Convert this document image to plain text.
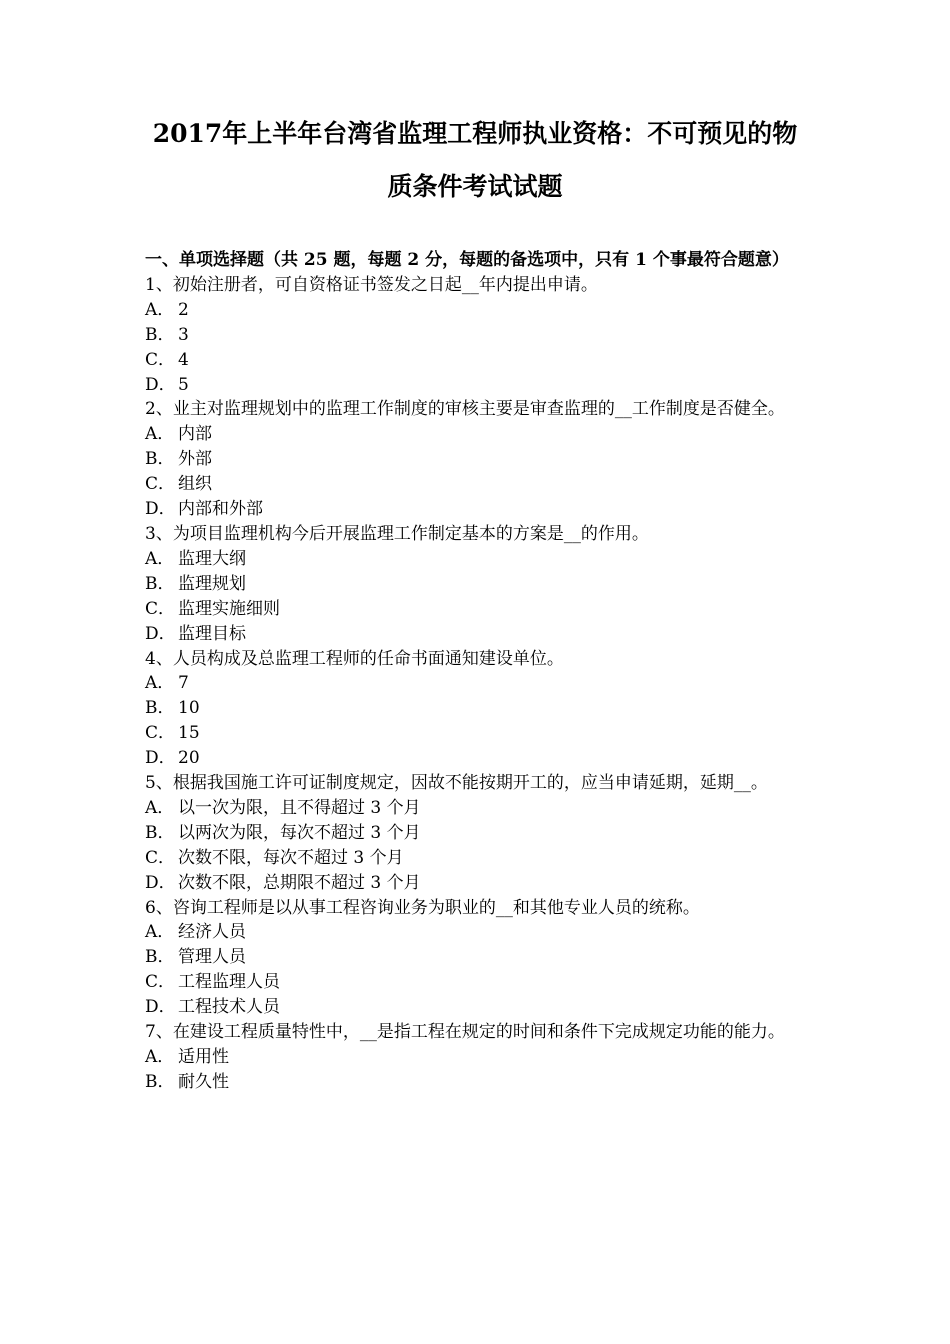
2017年上半年台湾省监理工程师执业资格：不可预见的物
质条件考试试题
一、单项选择题（共 25 题，每题 2 分，每题的备选项中，只有 1 个事最符合题意）
1、初始注册者，可自资格证书签发之日起__年内提出申请。
A． 2
B． 3
C． 4
D． 5
2、业主对监理规划中的监理工作制度的审核主要是审查监理的__工作制度是否健全。
A． 内部
B． 外部
C． 组织
D． 内部和外部
3、为项目监理机构今后开展监理工作制定基本的方案是__的作用。
A． 监理大纲
B． 监理规划
C． 监理实施细则
D． 监理目标
4、人员构成及总监理工程师的任命书面通知建设单位。
A． 7
B． 10
C． 15
D． 20
5、根据我国施工许可证制度规定，因故不能按期开工的，应当申请延期，延期__。
A． 以一次为限，且不得超过 3 个月
B． 以两次为限，每次不超过 3 个月
C． 次数不限，每次不超过 3 个月
D． 次数不限，总期限不超过 3 个月
6、咨询工程师是以从事工程咨询业务为职业的__和其他专业人员的统称。
A． 经济人员
B． 管理人员
C． 工程监理人员
D． 工程技术人员
7、在建设工程质量特性中，__是指工程在规定的时间和条件下完成规定功能的能力。
A． 适用性
B． 耐久性
